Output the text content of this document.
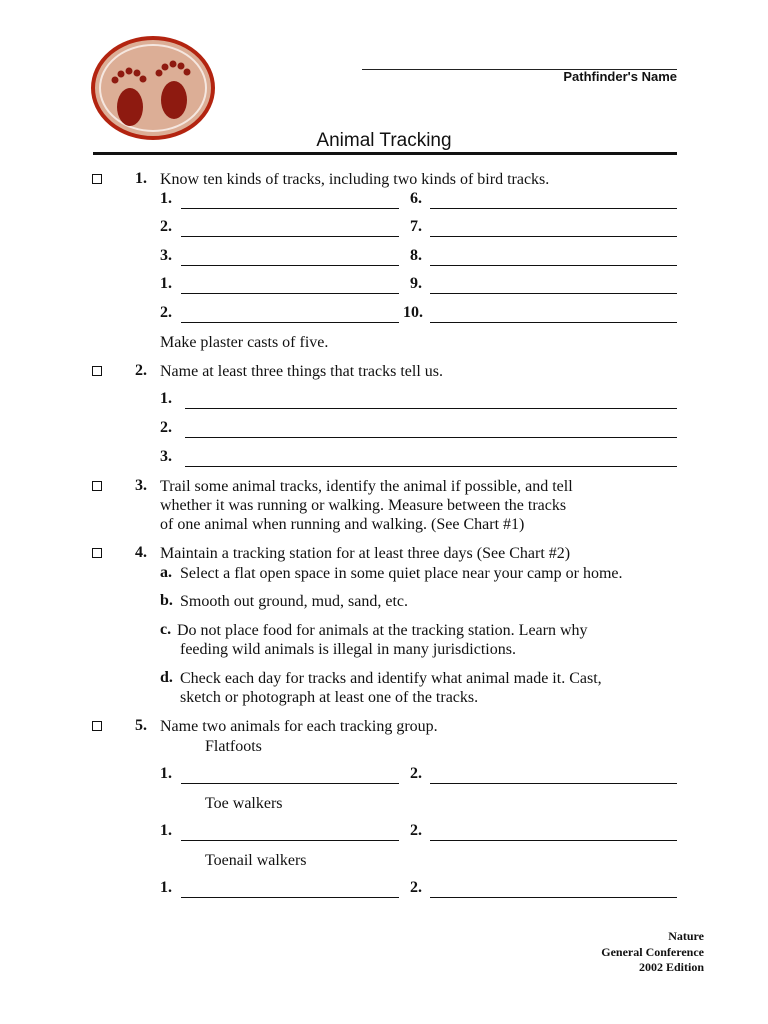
Pathfinder's Name
Animal Tracking
1. Know ten kinds of tracks, including two kinds of bird tracks.
1.	6.
2.	7.
3.	8.
1.	9.
2.	10.
Make plaster casts of five.
2. Name at least three things that tracks tell us.
1.
2.
3.
3. Trail some animal tracks, identify the animal if possible, and tell
whether it was running or walking. Measure between the tracks
of one animal when running and walking. (See Chart #1)
4. Maintain a tracking station for at least three days (See Chart #2)
a. Select a flat open space in some quiet place near your camp or home.
b. Smooth out ground, mud, sand, etc.
c. Do not place food for animals at the tracking station. Learn why
feeding wild animals is illegal in many jurisdictions.
d. Check each day for tracks and identify what animal made it. Cast,
sketch or photograph at least one of the tracks.
5. Name two animals for each tracking group.
Flatfoots
1.	2.
Toe walkers
1.	2.
Toenail walkers
1.	2.
Nature
General Conference
2002 Edition
